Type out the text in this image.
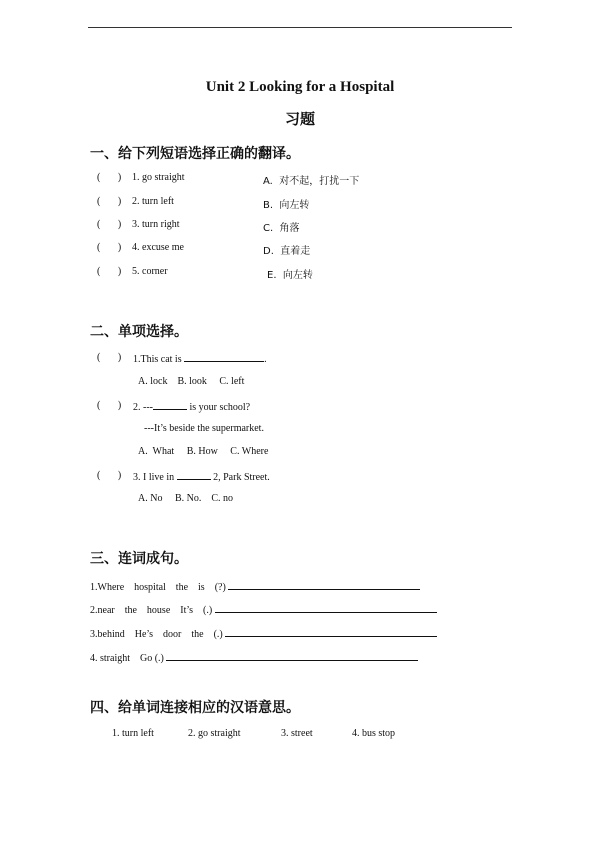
Unit 2 Looking for a Hospital
习题
一、给下列短语选择正确的翻译。
(       ) 1. go straight	A.  对不起，打扰一下
(       ) 2. turn left	B.  向左转
(       ) 3. turn right	C.  角落
(       ) 4. excuse me	D.  直着走
(       ) 5. corner	E.  向左转
二、单项选择。
(       ) 1.This cat is	.
A. lock    B. look     C. left
(       ) 2. ---	is your school?
---It’s beside the supermarket.
A.  What     B. How     C. Where
(       ) 3. I live in	2, Park Street.
A. No     B. No.    C. no
三、连词成句。
1.Where    hospital    the    is    (?)
2.near    the    house    It’s    (.)
3.behind    He’s    door    the    (.)
4. straight    Go (.)
四、给单词连接相应的汉语意思。
1. turn left	2. go straight	3. street	4. bus stop
